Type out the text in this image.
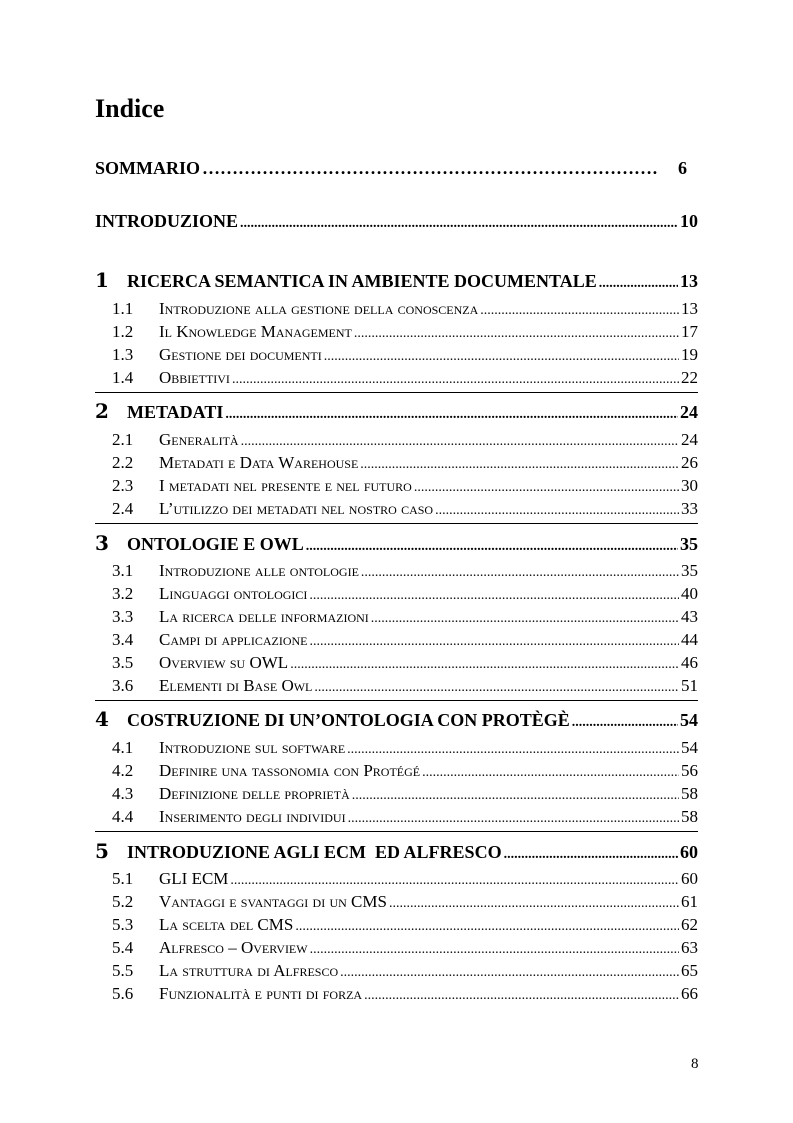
Indice
SOMMARIO ……………………………………………………………………………………	6
INTRODUZIONE .....	10
1	RICERCA SEMANTICA IN AMBIENTE DOCUMENTALE .....	13
1.1	Introduzione alla gestione della conoscenza .....	13
1.2	Il Knowledge Management .....	17
1.3	Gestione dei documenti .....	19
1.4	Obbiettivi .....	22
2	METADATI .....	24
2.1	Generalità .....	24
2.2	Metadati e Data Warehouse .....	26
2.3	I metadati nel presente e nel futuro .....	30
2.4	L’utilizzo dei metadati nel nostro caso .....	33
3	ONTOLOGIE E OWL .....	35
3.1	Introduzione alle ontologie .....	35
3.2	Linguaggi ontologici .....	40
3.3	La ricerca delle informazioni .....	43
3.4	Campi di applicazione .....	44
3.5	Overview su OWL .....	46
3.6	Elementi di Base Owl .....	51
4	COSTRUZIONE DI UN’ONTOLOGIA CON PROTÈGÈ .....	54
4.1	Introduzione sul software .....	54
4.2	Definire una tassonomia con Protégé .....	56
4.3	Definizione delle proprietà .....	58
4.4	Inserimento degli individui .....	58
5	INTRODUZIONE AGLI ECM  ED ALFRESCO .....	60
5.1	GLI ECM .....	60
5.2	Vantaggi e svantaggi di un CMS .....	61
5.3	La scelta del CMS .....	62
5.4	Alfresco – Overview .....	63
5.5	La struttura di Alfresco .....	65
5.6	Funzionalità e punti di forza .....	66
8
